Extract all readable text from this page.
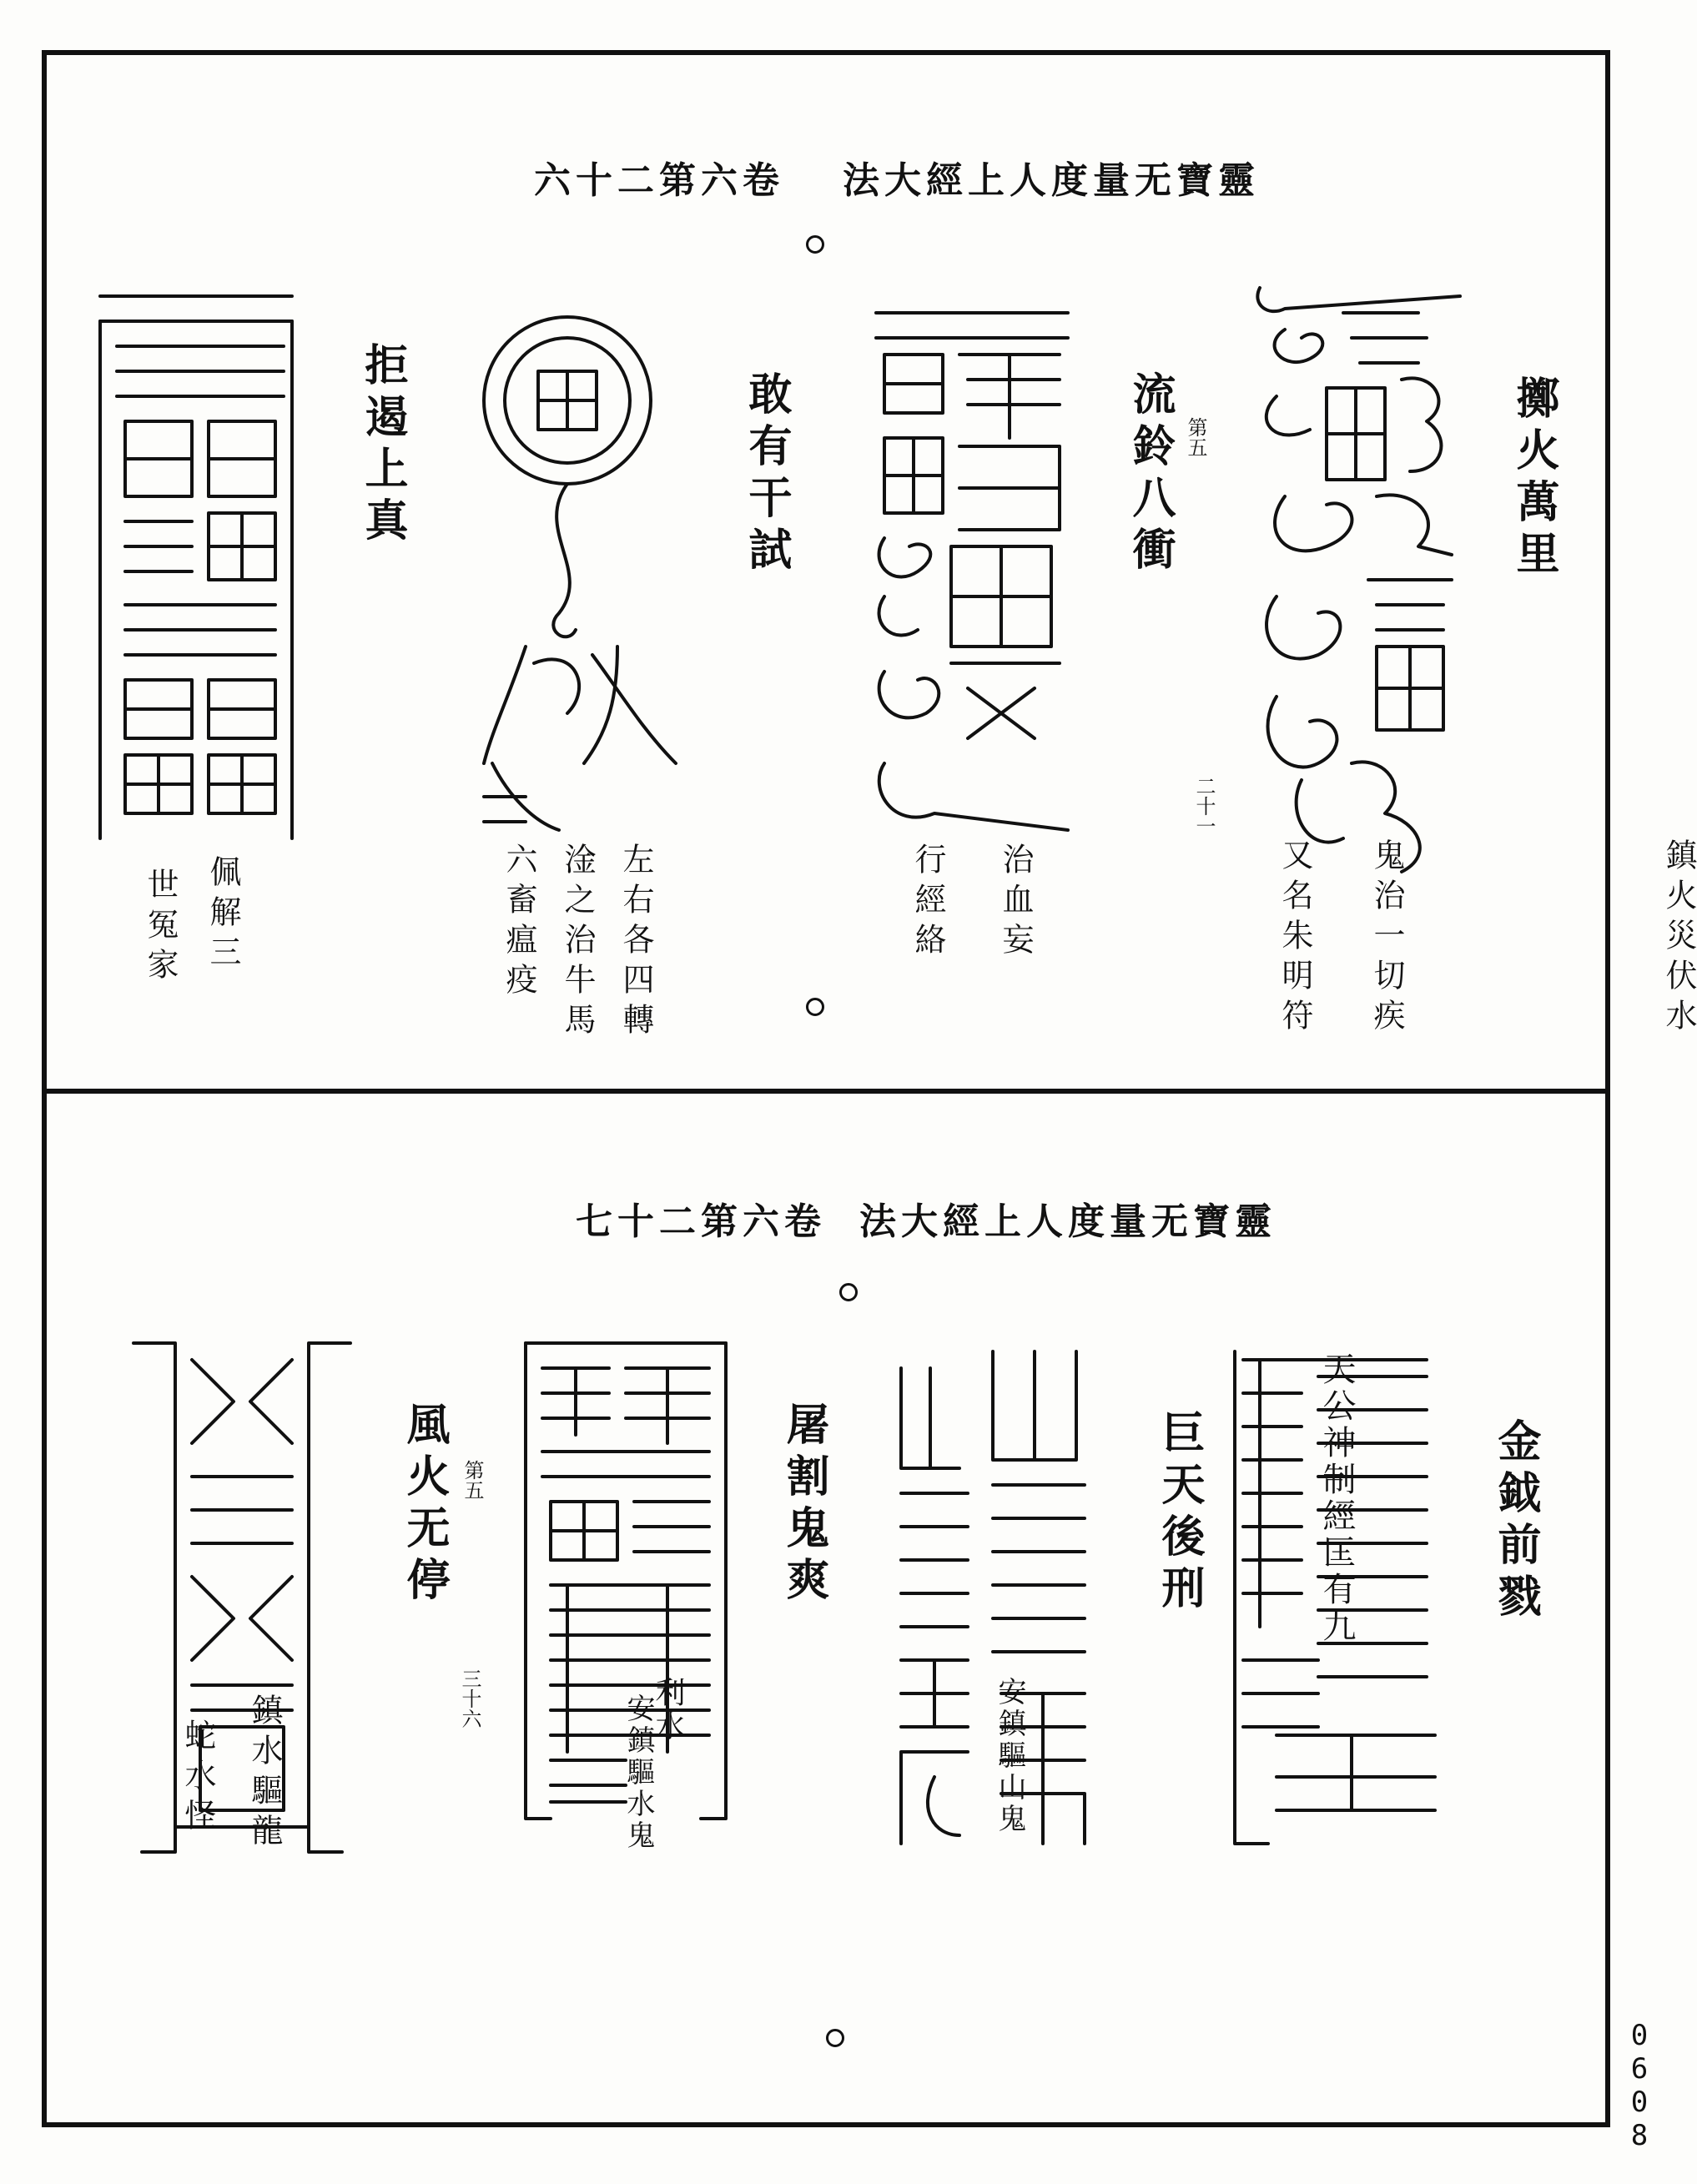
0608
六十二第六卷 法大經上人度量无寶靈
擲火萬里
鎮火災伏水
鬼治一切疾
又名朱明符
二十一
流鈴八衝 第五
治血妄
行經絡
敢有干試
左右各四轉
淦之治牛馬
六畜瘟疫
拒遏上真
佩解三
世冤家
七十二第六卷 法大經上人度量无寶靈
金鉞前戮
天公神制經匡有九
巨天後刑
安鎮驅山鬼
屠割鬼爽
利水
安鎮驅水鬼
三十六
風火无停 第五
鎮水驅龍
蛇水怪
